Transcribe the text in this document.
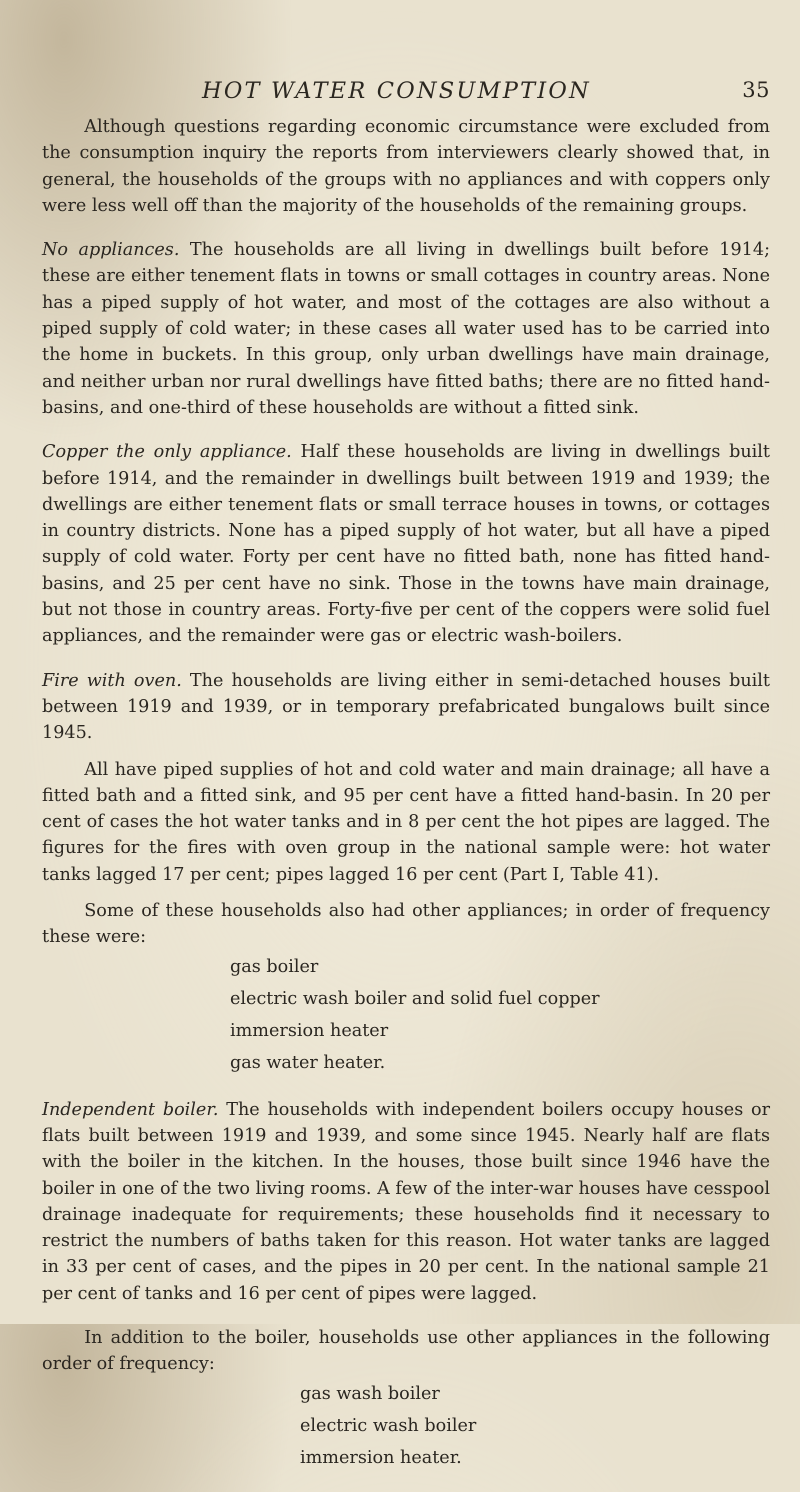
HOT WATER CONSUMPTION	35

Although questions regarding economic circumstance were excluded from the consumption inquiry the reports from interviewers clearly showed that, in general, the households of the groups with no appliances and with coppers only were less well off than the majority of the households of the remaining groups.

No appliances. The households are all living in dwellings built before 1914; these are either tenement flats in towns or small cottages in country areas. None has a piped supply of hot water, and most of the cottages are also without a piped supply of cold water; in these cases all water used has to be carried into the home in buckets. In this group, only urban dwellings have main drainage, and neither urban nor rural dwellings have fitted baths; there are no fitted hand-basins, and one-third of these households are without a fitted sink.

Copper the only appliance. Half these households are living in dwellings built before 1914, and the remainder in dwellings built between 1919 and 1939; the dwellings are either tenement flats or small terrace houses in towns, or cottages in country districts. None has a piped supply of hot water, but all have a piped supply of cold water. Forty per cent have no fitted bath, none has fitted hand-basins, and 25 per cent have no sink. Those in the towns have main drainage, but not those in country areas. Forty-five per cent of the coppers were solid fuel appliances, and the remainder were gas or electric wash-boilers.

Fire with oven. The households are living either in semi-detached houses built between 1919 and 1939, or in temporary prefabricated bungalows built since 1945.

All have piped supplies of hot and cold water and main drainage; all have a fitted bath and a fitted sink, and 95 per cent have a fitted hand-basin. In 20 per cent of cases the hot water tanks and in 8 per cent the hot pipes are lagged. The figures for the fires with oven group in the national sample were: hot water tanks lagged 17 per cent; pipes lagged 16 per cent (Part I, Table 41).

Some of these households also had other appliances; in order of frequency these were:

gas boiler
electric wash boiler and solid fuel copper
immersion heater
gas water heater.

Independent boiler. The households with independent boilers occupy houses or flats built between 1919 and 1939, and some since 1945. Nearly half are flats with the boiler in the kitchen. In the houses, those built since 1946 have the boiler in one of the two living rooms. A few of the inter-war houses have cesspool drainage inadequate for requirements; these households find it necessary to restrict the numbers of baths taken for this reason. Hot water tanks are lagged in 33 per cent of cases, and the pipes in 20 per cent. In the national sample 21 per cent of tanks and 16 per cent of pipes were lagged.

In addition to the boiler, households use other appliances in the following order of frequency:

gas wash boiler
electric wash boiler
immersion heater.
